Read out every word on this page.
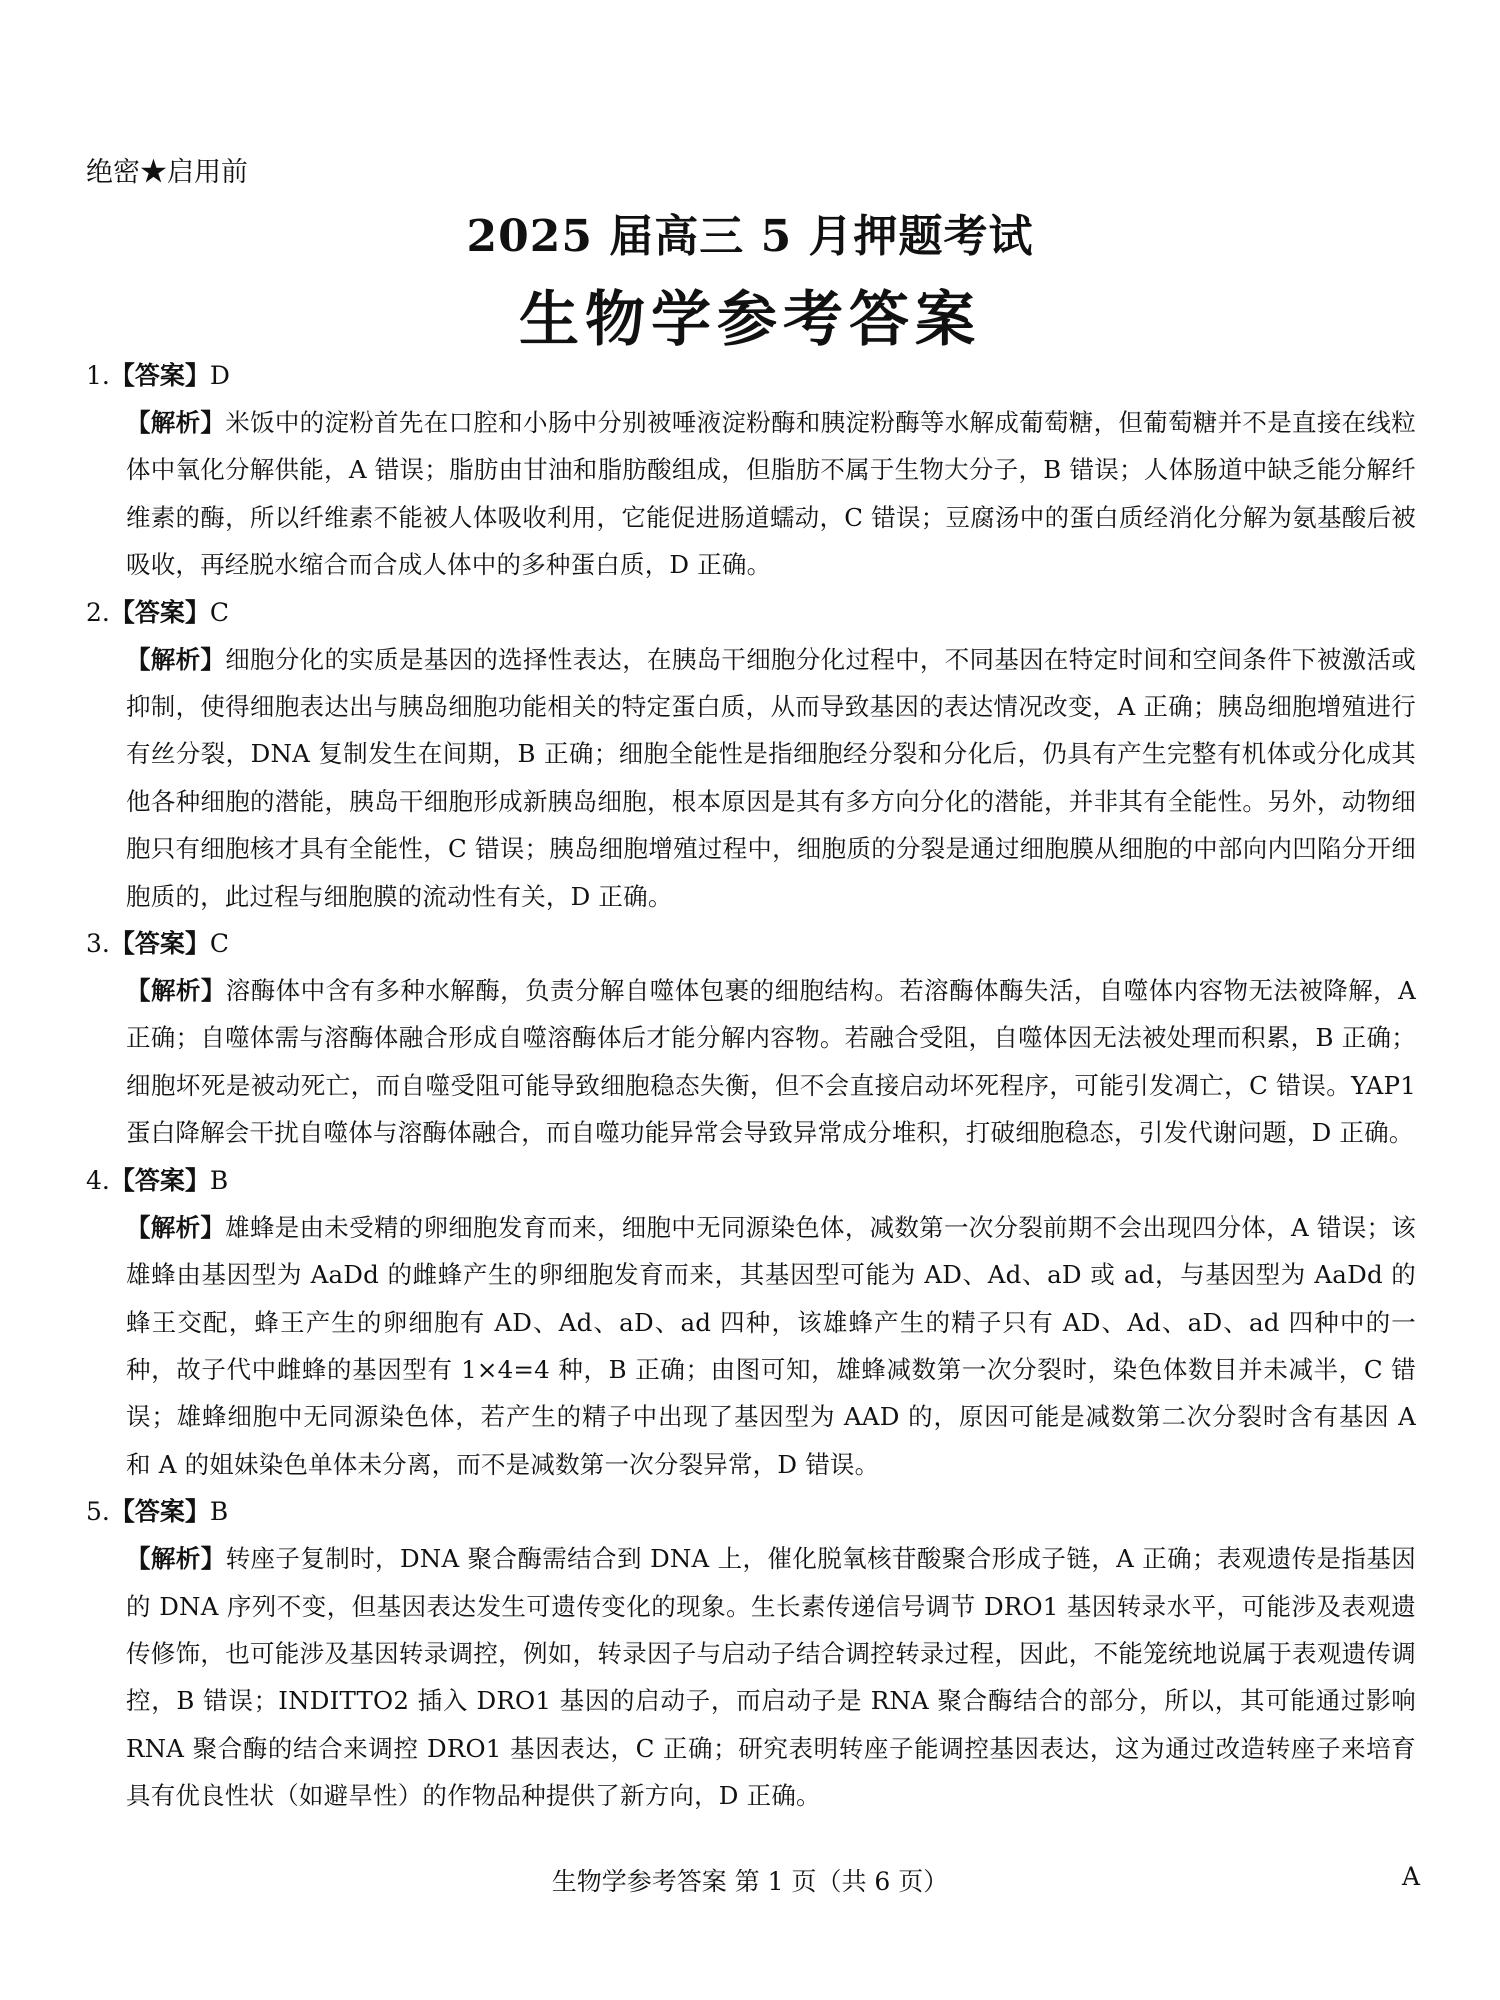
绝密★启用前
2025 届高三 5 月押题考试
生物学参考答案
1.【答案】D
【解析】米饭中的淀粉首先在口腔和小肠中分别被唾液淀粉酶和胰淀粉酶等水解成葡萄糖，但葡萄糖并不是直接在线粒体中氧化分解供能，A 错误；脂肪由甘油和脂肪酸组成，但脂肪不属于生物大分子，B 错误；人体肠道中缺乏能分解纤维素的酶，所以纤维素不能被人体吸收利用，它能促进肠道蠕动，C 错误；豆腐汤中的蛋白质经消化分解为氨基酸后被吸收，再经脱水缩合而合成人体中的多种蛋白质，D 正确。
2.【答案】C
【解析】细胞分化的实质是基因的选择性表达，在胰岛干细胞分化过程中，不同基因在特定时间和空间条件下被激活或抑制，使得细胞表达出与胰岛细胞功能相关的特定蛋白质，从而导致基因的表达情况改变，A 正确；胰岛细胞增殖进行有丝分裂，DNA 复制发生在间期，B 正确；细胞全能性是指细胞经分裂和分化后，仍具有产生完整有机体或分化成其他各种细胞的潜能，胰岛干细胞形成新胰岛细胞，根本原因是其有多方向分化的潜能，并非其有全能性。另外，动物细胞只有细胞核才具有全能性，C 错误；胰岛细胞增殖过程中，细胞质的分裂是通过细胞膜从细胞的中部向内凹陷分开细胞质的，此过程与细胞膜的流动性有关，D 正确。
3.【答案】C
【解析】溶酶体中含有多种水解酶，负责分解自噬体包裹的细胞结构。若溶酶体酶失活，自噬体内容物无法被降解，A 正确；自噬体需与溶酶体融合形成自噬溶酶体后才能分解内容物。若融合受阻，自噬体因无法被处理而积累，B 正确；细胞坏死是被动死亡，而自噬受阻可能导致细胞稳态失衡，但不会直接启动坏死程序，可能引发凋亡，C 错误。YAP1 蛋白降解会干扰自噬体与溶酶体融合，而自噬功能异常会导致异常成分堆积，打破细胞稳态，引发代谢问题，D 正确。
4.【答案】B
【解析】雄蜂是由未受精的卵细胞发育而来，细胞中无同源染色体，减数第一次分裂前期不会出现四分体，A 错误；该雄蜂由基因型为 AaDd 的雌蜂产生的卵细胞发育而来，其基因型可能为 AD、Ad、aD 或 ad，与基因型为 AaDd 的蜂王交配，蜂王产生的卵细胞有 AD、Ad、aD、ad 四种，该雄蜂产生的精子只有 AD、Ad、aD、ad 四种中的一种，故子代中雌蜂的基因型有 1×4=4 种，B 正确；由图可知，雄蜂减数第一次分裂时，染色体数目并未减半，C 错误；雄蜂细胞中无同源染色体，若产生的精子中出现了基因型为 AAD 的，原因可能是减数第二次分裂时含有基因 A 和 A 的姐妹染色单体未分离，而不是减数第一次分裂异常，D 错误。
5.【答案】B
【解析】转座子复制时，DNA 聚合酶需结合到 DNA 上，催化脱氧核苷酸聚合形成子链，A 正确；表观遗传是指基因的 DNA 序列不变，但基因表达发生可遗传变化的现象。生长素传递信号调节 DRO1 基因转录水平，可能涉及表观遗传修饰，也可能涉及基因转录调控，例如，转录因子与启动子结合调控转录过程，因此，不能笼统地说属于表观遗传调控，B 错误；INDITTO2 插入 DRO1 基因的启动子，而启动子是 RNA 聚合酶结合的部分，所以，其可能通过影响 RNA 聚合酶的结合来调控 DRO1 基因表达，C 正确；研究表明转座子能调控基因表达，这为通过改造转座子来培育具有优良性状（如避旱性）的作物品种提供了新方向，D 正确。
生物学参考答案 第 1 页（共 6 页）	A
